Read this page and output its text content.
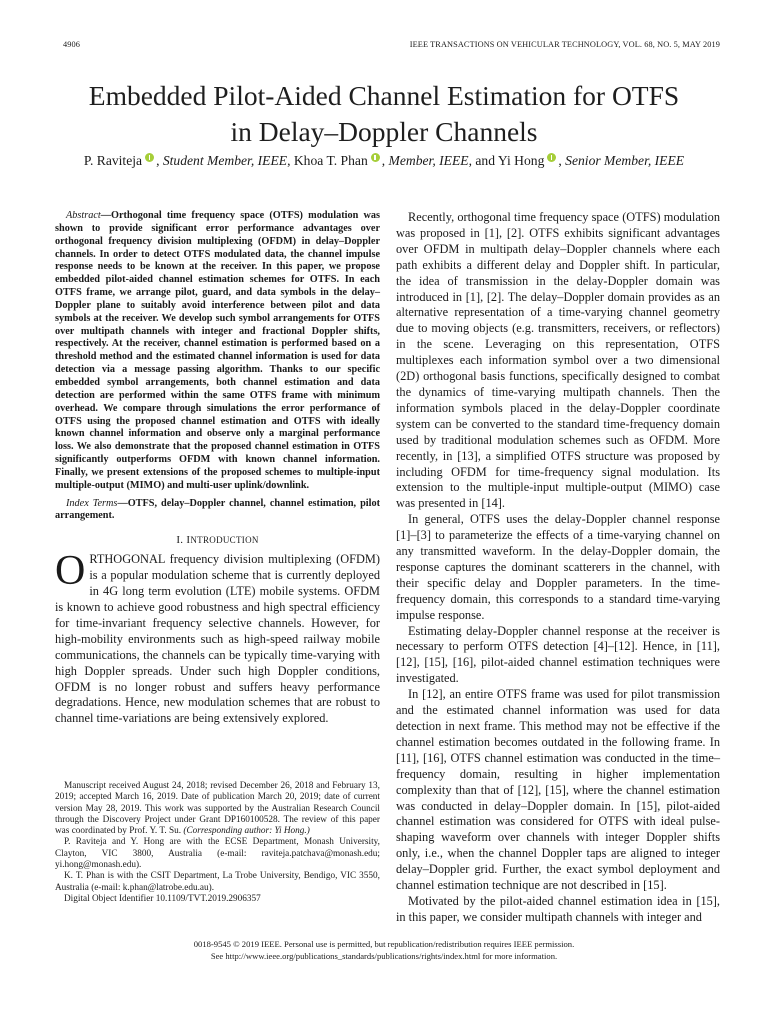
4906	IEEE TRANSACTIONS ON VEHICULAR TECHNOLOGY, VOL. 68, NO. 5, MAY 2019
Embedded Pilot-Aided Channel Estimation for OTFS
in Delay–Doppler Channels
P. Raviteja , Student Member, IEEE, Khoa T. Phan , Member, IEEE, and Yi Hong , Senior Member, IEEE

Abstract—Orthogonal time frequency space (OTFS) modulation was shown to provide significant error performance advantages over orthogonal frequency division multiplexing (OFDM) in delay–Doppler channels. In order to detect OTFS modulated data, the channel impulse response needs to be known at the receiver. In this paper, we propose embedded pilot-aided channel estimation schemes for OTFS. In each OTFS frame, we arrange pilot, guard, and data symbols in the delay–Doppler plane to suitably avoid interference between pilot and data symbols at the receiver. We develop such symbol arrangements for OTFS over multipath channels with integer and fractional Doppler shifts, respectively. At the receiver, channel estimation is performed based on a threshold method and the estimated channel information is used for data detection via a message passing algorithm. Thanks to our specific embedded symbol arrangements, both channel estimation and data detection are performed within the same OTFS frame with minimum overhead. We compare through simulations the error performance of OTFS using the proposed channel estimation and OTFS with ideally known channel information and observe only a marginal performance loss. We also demonstrate that the proposed channel estimation in OTFS significantly outperforms OFDM with known channel information. Finally, we present extensions of the proposed schemes to multiple-input multiple-output (MIMO) and multi-user uplink/downlink.

Index Terms—OTFS, delay–Doppler channel, channel estimation, pilot arrangement.

I. INTRODUCTION

ORTHOGONAL frequency division multiplexing (OFDM) is a popular modulation scheme that is currently deployed in 4G long term evolution (LTE) mobile systems. OFDM is known to achieve good robustness and high spectral efficiency for time-invariant frequency selective channels. However, for high-mobility environments such as high-speed railway mobile communications, the channels can be typically time-varying with high Doppler spreads. Under such high Doppler conditions, OFDM is no longer robust and suffers heavy performance degradations. Hence, new modulation schemes that are robust to channel time-variations are being extensively explored.

Manuscript received August 24, 2018; revised December 26, 2018 and February 13, 2019; accepted March 16, 2019. Date of publication March 20, 2019; date of current version May 28, 2019. This work was supported by the Australian Research Council through the Discovery Project under Grant DP160100528. The review of this paper was coordinated by Prof. Y. T. Su. (Corresponding author: Yi Hong.)

P. Raviteja and Y. Hong are with the ECSE Department, Monash University, Clayton, VIC 3800, Australia (e-mail: raviteja.patchava@monash.edu; yi.hong@monash.edu).

K. T. Phan is with the CSIT Department, La Trobe University, Bendigo, VIC 3550, Australia (e-mail: k.phan@latrobe.edu.au).

Digital Object Identifier 10.1109/TVT.2019.2906357

Recently, orthogonal time frequency space (OTFS) modulation was proposed in [1], [2]. OTFS exhibits significant advantages over OFDM in multipath delay–Doppler channels where each path exhibits a different delay and Doppler shift. In particular, the idea of transmission in the delay-Doppler domain was introduced in [1], [2]. The delay–Doppler domain provides as an alternative representation of a time-varying channel geometry due to moving objects (e.g. transmitters, receivers, or reflectors) in the scene. Leveraging on this representation, OTFS multiplexes each information symbol over a two dimensional (2D) orthogonal basis functions, specifically designed to combat the dynamics of time-varying multipath channels. Then the information symbols placed in the delay-Doppler coordinate system can be converted to the standard time-frequency domain used by traditional modulation schemes such as OFDM. More recently, in [13], a simplified OTFS structure was proposed by including OFDM for time-frequency signal modulation. Its extension to the multiple-input multiple-output (MIMO) case was presented in [14].

In general, OTFS uses the delay-Doppler channel response [1]–[3] to parameterize the effects of a time-varying channel on any transmitted waveform. In the delay-Doppler domain, the response captures the dominant scatterers in the channel, with their specific delay and Doppler parameters. In the time-frequency domain, this corresponds to a standard time-varying impulse response.

Estimating delay-Doppler channel response at the receiver is necessary to perform OTFS detection [4]–[12]. Hence, in [11], [12], [15], [16], pilot-aided channel estimation techniques were investigated.

In [12], an entire OTFS frame was used for pilot transmission and the estimated channel information was used for data detection in next frame. This method may not be effective if the channel estimation becomes outdated in the following frame. In [11], [16], OTFS channel estimation was conducted in the time–frequency domain, resulting in higher implementation complexity than that of [12], [15], where the channel estimation was conducted in delay–Doppler domain. In [15], pilot-aided channel estimation was considered for OTFS with ideal pulse-shaping waveform over channels with integer Doppler shifts only, i.e., when the channel Doppler taps are aligned to integer delay–Doppler grid. Further, the exact symbol deployment and channel estimation technique are not described in [15].

Motivated by the pilot-aided channel estimation idea in [15], in this paper, we consider multipath channels with integer and

0018-9545 © 2019 IEEE. Personal use is permitted, but republication/redistribution requires IEEE permission.
See http://www.ieee.org/publications_standards/publications/rights/index.html for more information.
